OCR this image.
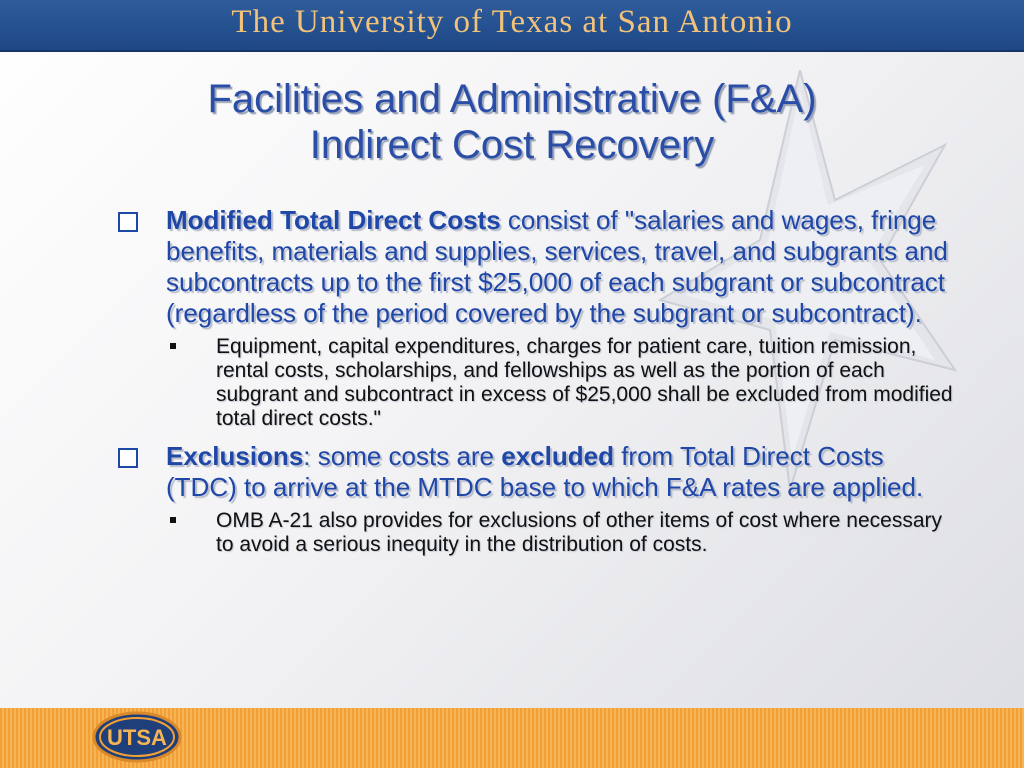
The University of Texas at San Antonio
Facilities and Administrative (F&A)
Indirect Cost Recovery
Modified Total Direct Costs consist of "salaries and wages, fringe benefits, materials and supplies, services, travel, and subgrants and subcontracts up to the first $25,000 of each subgrant or subcontract (regardless of the period covered by the subgrant or subcontract).
Equipment, capital expenditures, charges for patient care, tuition remission, rental costs, scholarships, and fellowships as well as the portion of each subgrant and subcontract in excess of $25,000 shall be excluded from modified total direct costs."
Exclusions: some costs are excluded from Total Direct Costs (TDC) to arrive at the MTDC base to which F&A rates are applied.
OMB A-21 also provides for exclusions of other items of cost where necessary to avoid a serious inequity in the distribution of costs.
UTSA
